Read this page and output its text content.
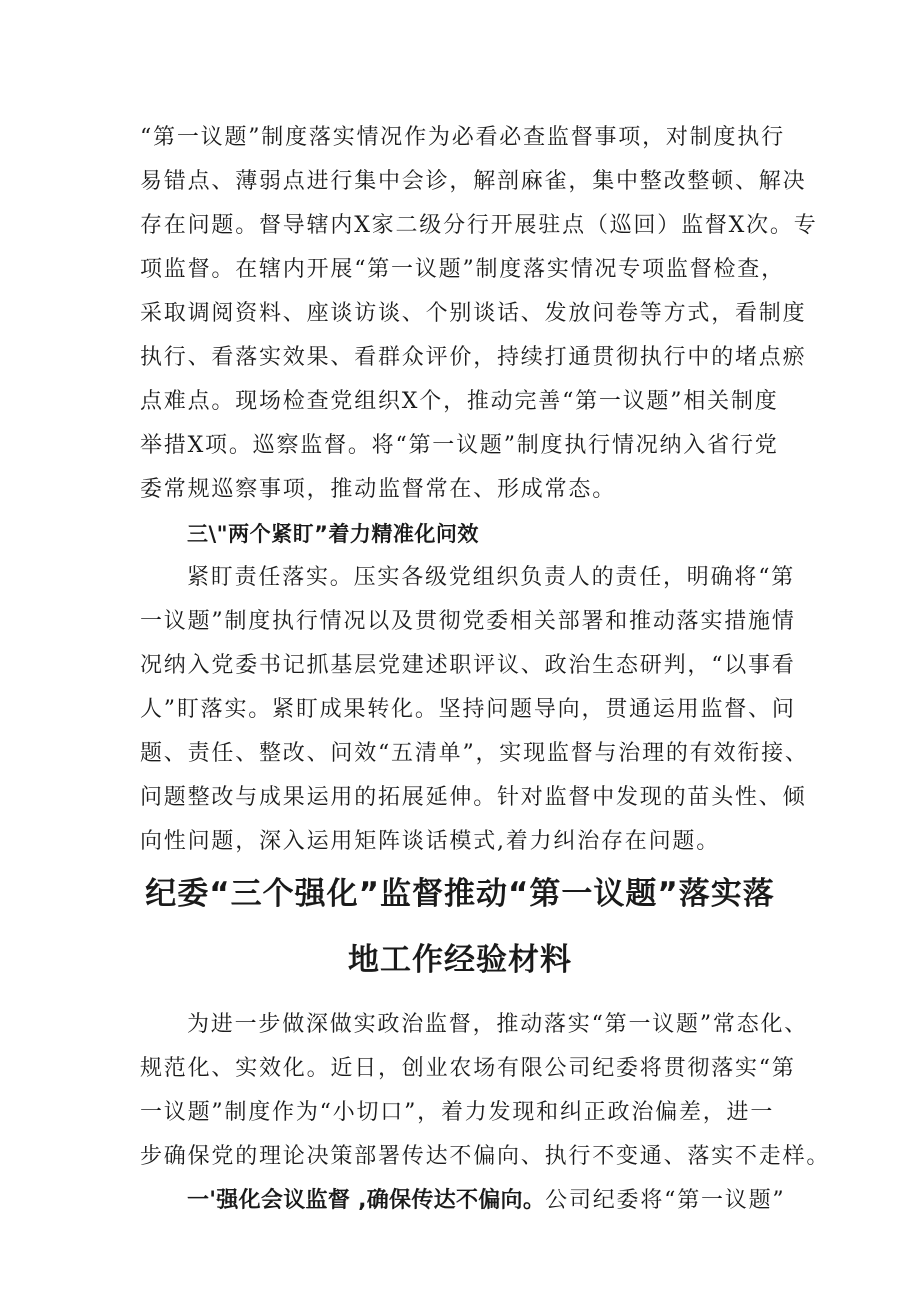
“第一议题”制度落实情况作为必看必查监督事项，对制度执行
易错点、薄弱点进行集中会诊，解剖麻雀，集中整改整顿、解决
存在问题。督导辖内X家二级分行开展驻点（巡回）监督X次。专
项监督。在辖内开展“第一议题”制度落实情况专项监督检查，
采取调阅资料、座谈访谈、个别谈话、发放问卷等方式，看制度
执行、看落实效果、看群众评价，持续打通贯彻执行中的堵点瘀
点难点。现场检查党组织X个，推动完善“第一议题”相关制度
举措X项。巡察监督。将“第一议题”制度执行情况纳入省行党
委常规巡察事项，推动监督常在、形成常态。
三\"两个紧盯”着力精准化问效
紧盯责任落实。压实各级党组织负责人的责任，明确将“第
一议题”制度执行情况以及贯彻党委相关部署和推动落实措施情
况纳入党委书记抓基层党建述职评议、政治生态研判，“以事看
人”盯落实。紧盯成果转化。坚持问题导向，贯通运用监督、问
题、责任、整改、问效“五清单”，实现监督与治理的有效衔接、
问题整改与成果运用的拓展延伸。针对监督中发现的苗头性、倾
向性问题，深入运用矩阵谈话模式,着力纠治存在问题。
纪委“三个强化”监督推动“第一议题”落实落
地工作经验材料
为进一步做深做实政治监督，推动落实“第一议题”常态化、
规范化、实效化。近日，创业农场有限公司纪委将贯彻落实“第
一议题”制度作为“小切口”，着力发现和纠正政治偏差，进一
步确保党的理论决策部署传达不偏向、执行不变通、落实不走样。
一'强化会议监督 ,确保传达不偏向。公司纪委将“第一议题”
